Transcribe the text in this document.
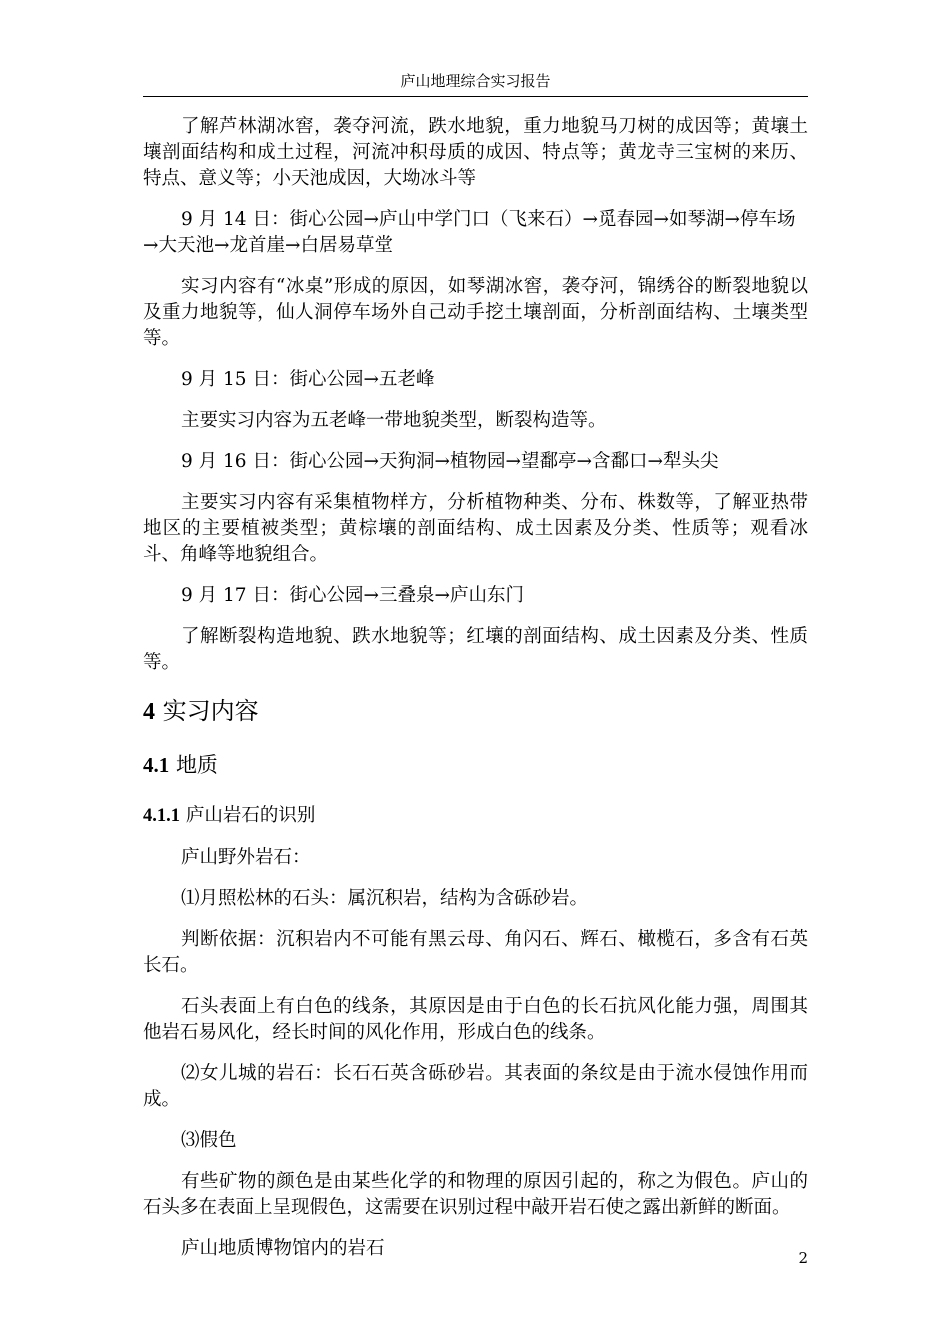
庐山地理综合实习报告

了解芦林湖冰窖，袭夺河流，跌水地貌，重力地貌马刀树的成因等；黄壤土壤剖面结构和成土过程，河流冲积母质的成因、特点等；黄龙寺三宝树的来历、特点、意义等；小天池成因，大坳冰斗等

9 月 14 日：街心公园→庐山中学门口（飞来石）→觅春园→如琴湖→停车场→大天池→龙首崖→白居易草堂

实习内容有“冰桌”形成的原因，如琴湖冰窖，袭夺河，锦绣谷的断裂地貌以及重力地貌等，仙人洞停车场外自己动手挖土壤剖面，分析剖面结构、土壤类型等。

9 月 15 日：街心公园→五老峰

主要实习内容为五老峰一带地貌类型，断裂构造等。

9 月 16 日：街心公园→天狗洞→植物园→望鄱亭→含鄱口→犁头尖

主要实习内容有采集植物样方，分析植物种类、分布、株数等，了解亚热带地区的主要植被类型；黄棕壤的剖面结构、成土因素及分类、性质等；观看冰斗、角峰等地貌组合。

9 月 17 日：街心公园→三叠泉→庐山东门

了解断裂构造地貌、跌水地貌等；红壤的剖面结构、成土因素及分类、性质等。

4 实习内容
4.1 地质
4.1.1 庐山岩石的识别

庐山野外岩石：

⑴月照松林的石头：属沉积岩，结构为含砾砂岩。

判断依据：沉积岩内不可能有黑云母、角闪石、辉石、橄榄石，多含有石英长石。

石头表面上有白色的线条，其原因是由于白色的长石抗风化能力强，周围其他岩石易风化，经长时间的风化作用，形成白色的线条。

⑵女儿城的岩石：长石石英含砾砂岩。其表面的条纹是由于流水侵蚀作用而成。

⑶假色

有些矿物的颜色是由某些化学的和物理的原因引起的，称之为假色。庐山的石头多在表面上呈现假色，这需要在识别过程中敲开岩石使之露出新鲜的断面。

庐山地质博物馆内的岩石	2
